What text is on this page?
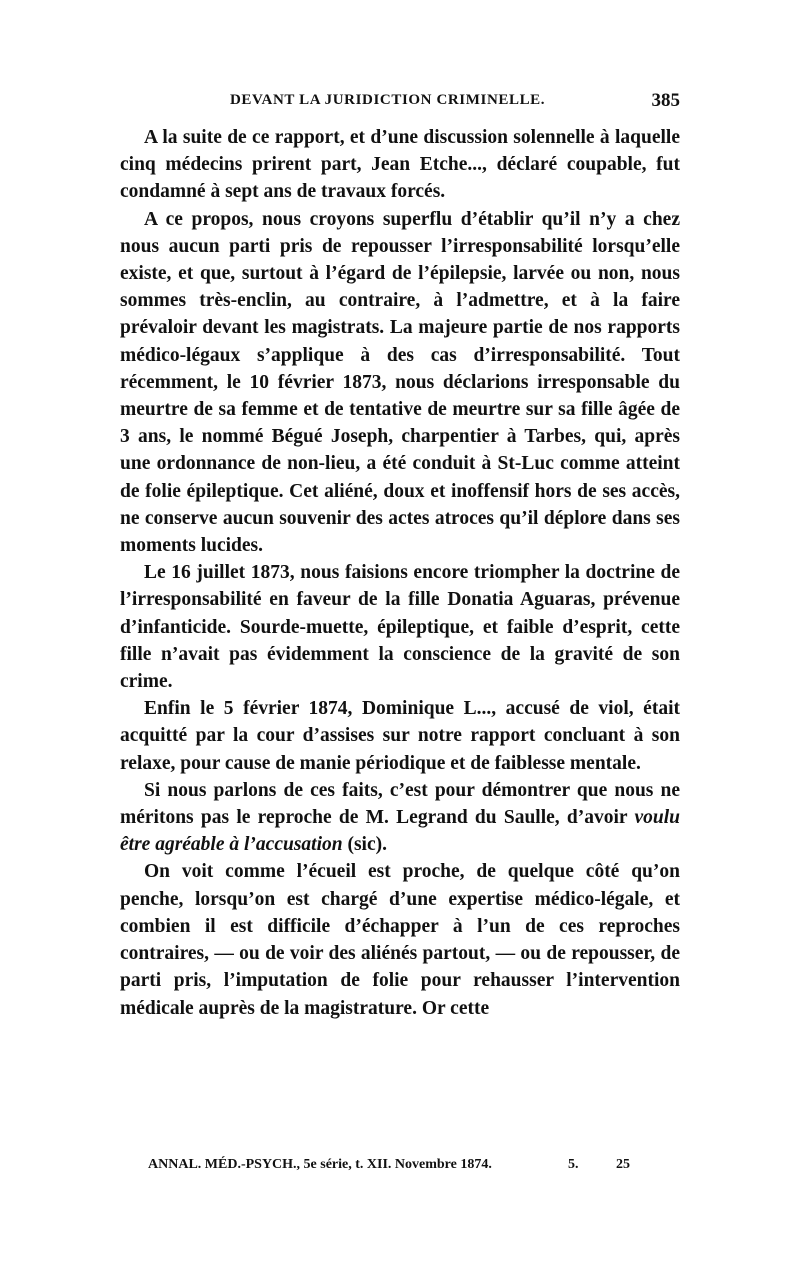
DEVANT LA JURIDICTION CRIMINELLE.	385

A la suite de ce rapport, et d’une discussion solennelle à laquelle cinq médecins prirent part, Jean Etche..., déclaré coupable, fut condamné à sept ans de travaux forcés.

A ce propos, nous croyons superflu d’établir qu’il n’y a chez nous aucun parti pris de repousser l’irresponsabilité lorsqu’elle existe, et que, surtout à l’égard de l’épilepsie, larvée ou non, nous sommes très-enclin, au contraire, à l’admettre, et à la faire prévaloir devant les magistrats. La majeure partie de nos rapports médico-légaux s’applique à des cas d’irresponsabilité. Tout récemment, le 10 février 1873, nous déclarions irresponsable du meurtre de sa femme et de tentative de meurtre sur sa fille âgée de 3 ans, le nommé Bégué Joseph, charpentier à Tarbes, qui, après une ordonnance de non-lieu, a été conduit à St-Luc comme atteint de folie épileptique. Cet aliéné, doux et inoffensif hors de ses accès, ne conserve aucun souvenir des actes atroces qu’il déplore dans ses moments lucides.

Le 16 juillet 1873, nous faisions encore triompher la doctrine de l’irresponsabilité en faveur de la fille Donatia Aguaras, prévenue d’infanticide. Sourde-muette, épileptique, et faible d’esprit, cette fille n’avait pas évidemment la conscience de la gravité de son crime.

Enfin le 5 février 1874, Dominique L..., accusé de viol, était acquitté par la cour d’assises sur notre rapport concluant à son relaxe, pour cause de manie périodique et de faiblesse mentale.

Si nous parlons de ces faits, c’est pour démontrer que nous ne méritons pas le reproche de M. Legrand du Saulle, d’avoir voulu être agréable à l’accusation (sic).

On voit comme l’écueil est proche, de quelque côté qu’on penche, lorsqu’on est chargé d’une expertise médico-légale, et combien il est difficile d’échapper à l’un de ces reproches contraires, — ou de voir des aliénés partout, — ou de repousser, de parti pris, l’imputation de folie pour rehausser l’intervention médicale auprès de la magistrature. Or cette

ANNAL. MÉD.-PSYCH., 5e série, t. XII. Novembre 1874.	5.	25
